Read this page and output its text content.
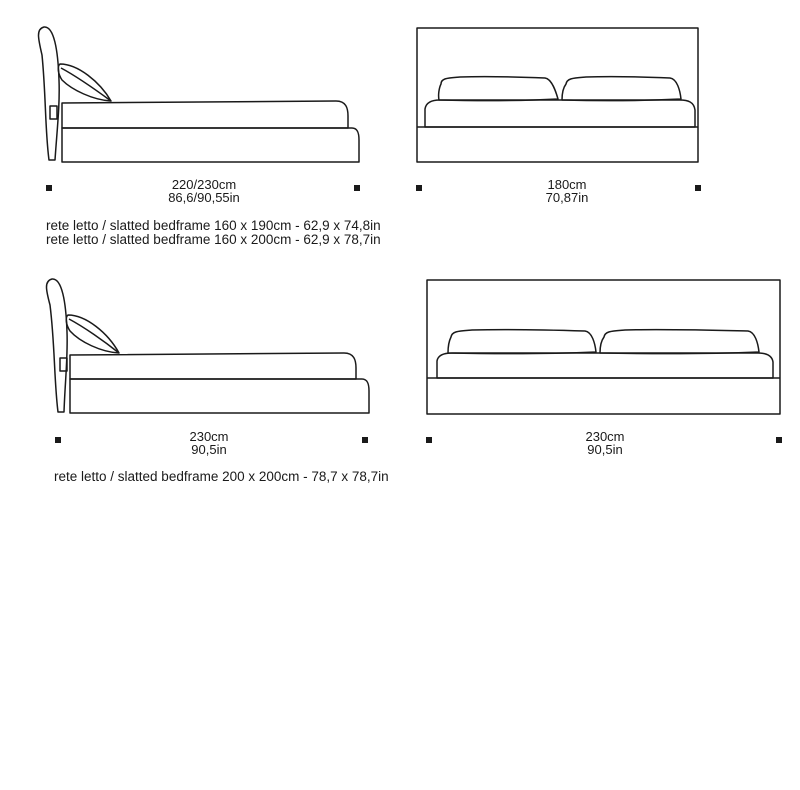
220/230cm
86,6/90,55in
180cm
70,87in
230cm
90,5in
230cm
90,5in
rete letto / slatted bedframe 160 x 190cm - 62,9 x 74,8in
rete letto / slatted bedframe 160 x 200cm - 62,9 x 78,7in
rete letto / slatted bedframe 200 x 200cm - 78,7 x 78,7in
